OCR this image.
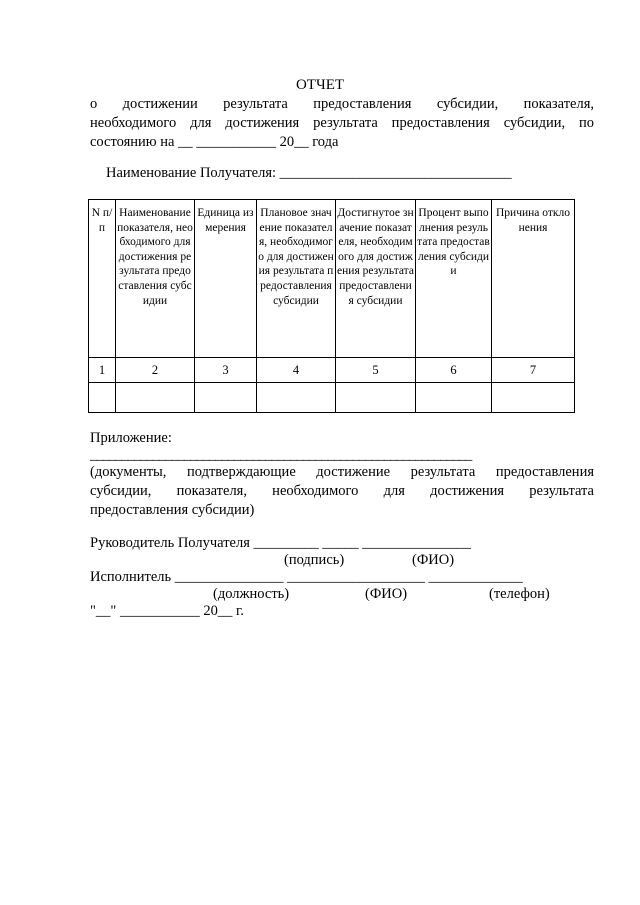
ОТЧЕТ
о достижении результата предоставления субсидии, показателя,
необходимого для достижения результата предоставления субсидии, по
состоянию на __ ___________ 20__ года
Наименование Получателя: ________________________________
N п/п	Наименование показателя, необходимого для достижения результата предоставления субсидии	Единица измерения	Плановое значение показателя, необходимого для достижения результата предоставления субсидии	Достигнутое значение показателя, необходимого для достижения результата предоставления субсидии	Процент выполнения результата предоставления субсидии	Причина отклонения
1	2	3	4	5	6	7

Приложение:
_____________________________________________________________
(документы, подтверждающие достижение результата предоставления
субсидии, показателя, необходимого для достижения результата
предоставления субсидии)
Руководитель Получателя _________ _____ _______________
(подпись)	(ФИО)
Исполнитель _______________ ___________________ _____________
(должность)	(ФИО)	(телефон)
"__" ___________ 20__ г.
